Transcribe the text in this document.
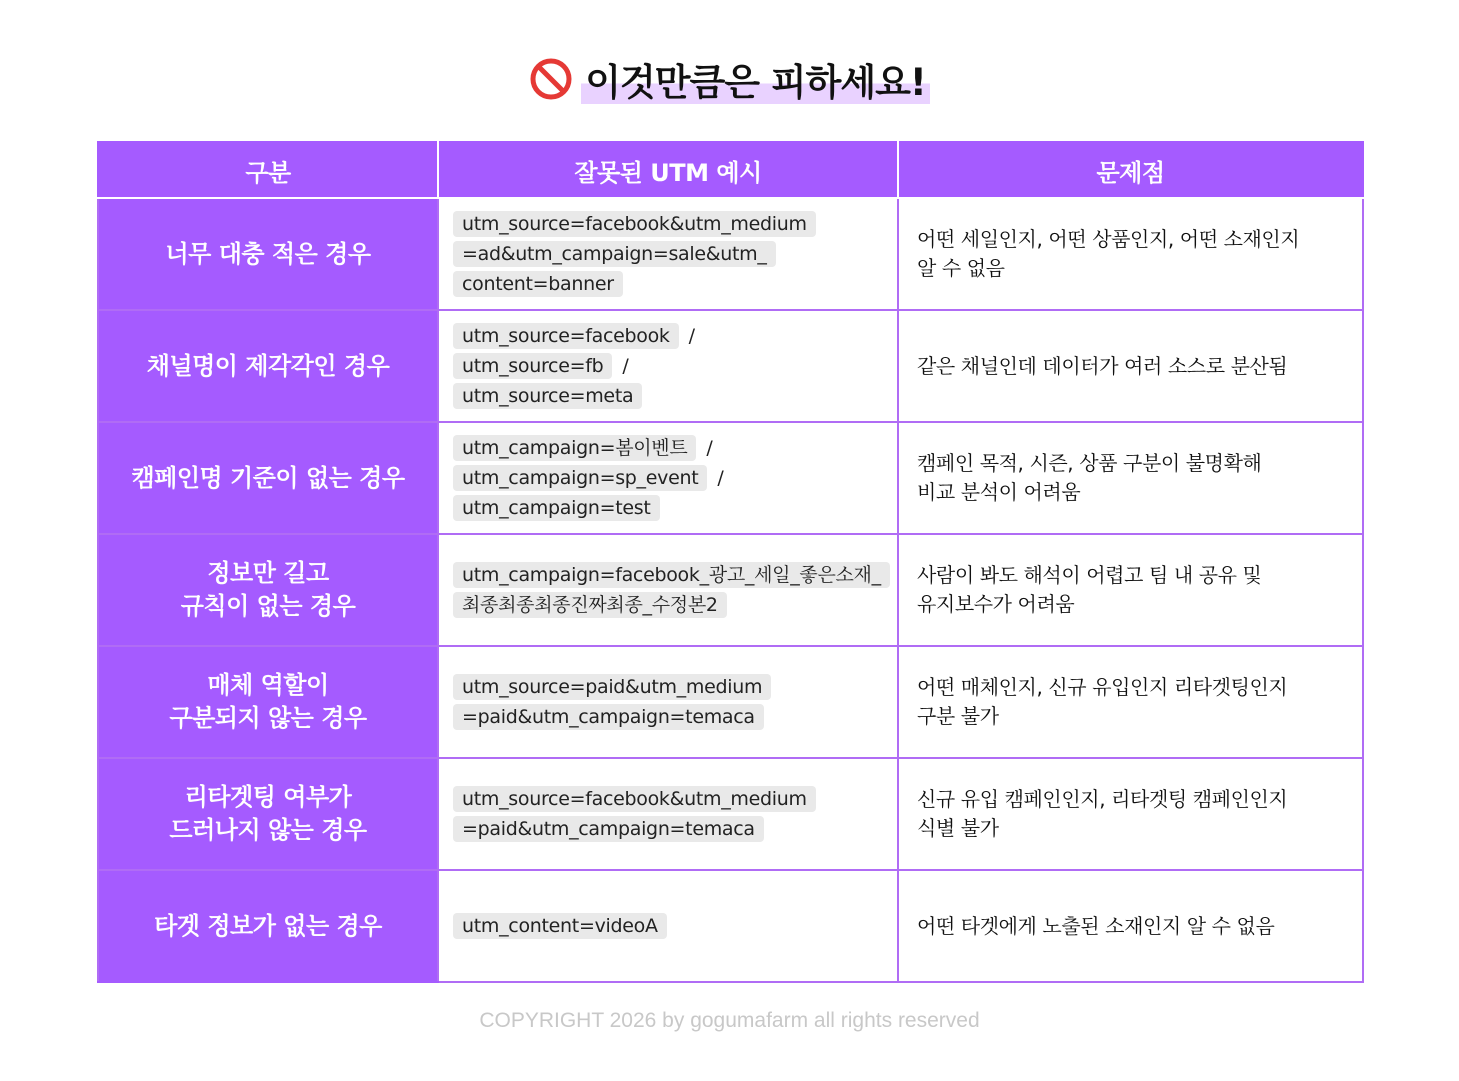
이것만큼은 피하세요!
구분	잘못된 UTM 예시	문제점

너무 대충 적은 경우	utm_source=facebook&utm_medium
=ad&utm_campaign=sale&utm_
content=banner	어떤 세일인지, 어떤 상품인지, 어떤 소재인지
알 수 없음

채널명이 제각각인 경우	utm_source=facebook /
utm_source=fb /
utm_source=meta	같은 채널인데 데이터가 여러 소스로 분산됨

캠페인명 기준이 없는 경우	utm_campaign=봄이벤트 /
utm_campaign=sp_event /
utm_campaign=test	캠페인 목적, 시즌, 상품 구분이 불명확해
비교 분석이 어려움

정보만 길고
규칙이 없는 경우	utm_campaign=facebook_광고_세일_좋은소재_
최종최종최종진짜최종_수정본2	사람이 봐도 해석이 어렵고 팀 내 공유 및
유지보수가 어려움

매체 역할이
구분되지 않는 경우	utm_source=paid&utm_medium
=paid&utm_campaign=temaca	어떤 매체인지, 신규 유입인지 리타겟팅인지
구분 불가

리타겟팅 여부가
드러나지 않는 경우	utm_source=facebook&utm_medium
=paid&utm_campaign=temaca	신규 유입 캠페인인지, 리타겟팅 캠페인인지
식별 불가

타겟 정보가 없는 경우	utm_content=videoA	어떤 타겟에게 노출된 소재인지 알 수 없음
COPYRIGHT 2026 by gogumafarm all rights reserved
